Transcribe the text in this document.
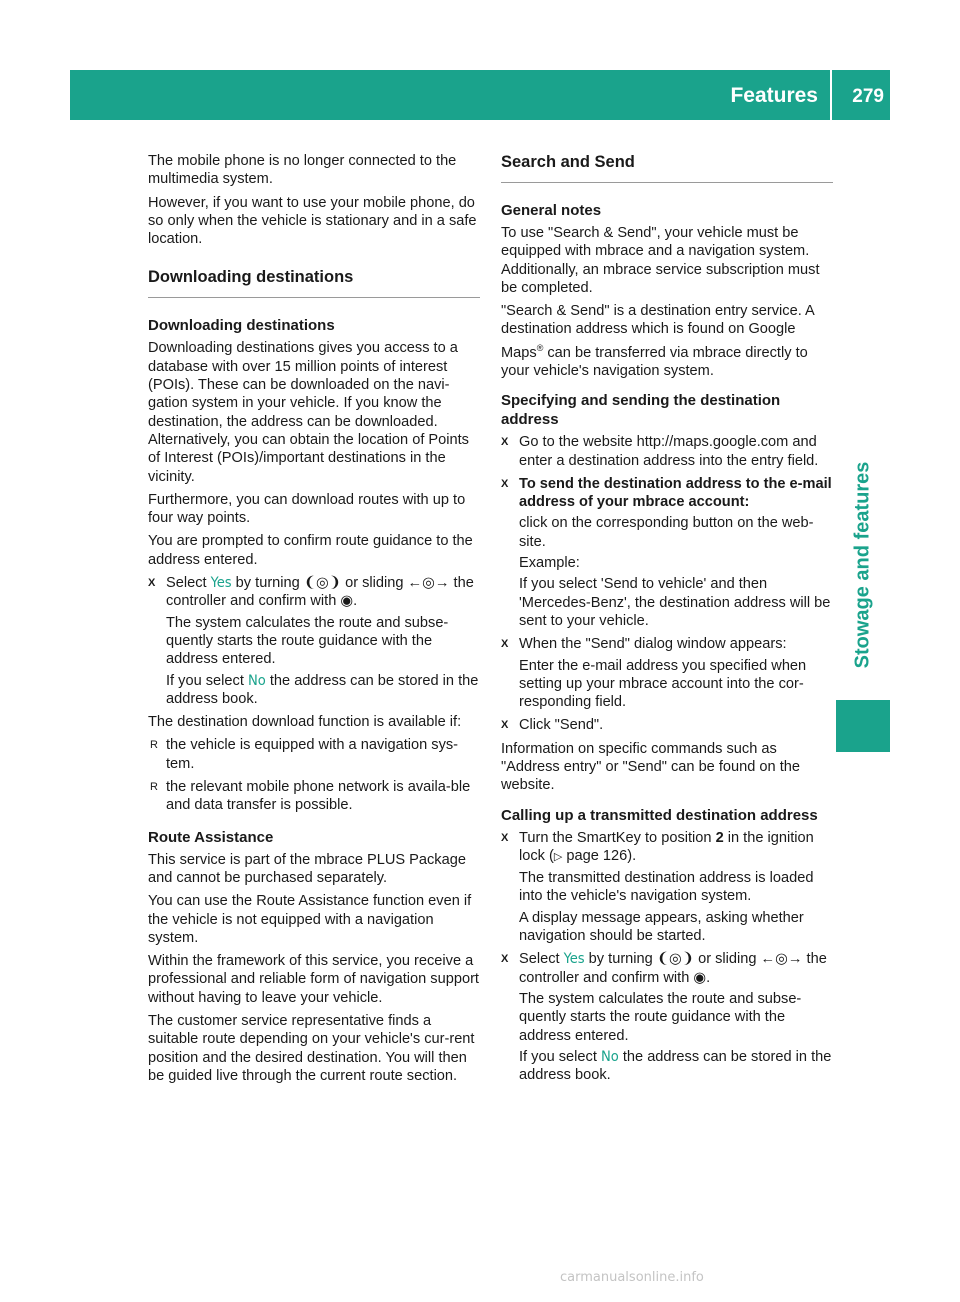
Features 279
Stowage and features

The mobile phone is no longer connected to the multimedia system.

However, if you want to use your mobile phone, do so only when the vehicle is stationary and in a safe location.

Downloading destinations
Downloading destinations

Downloading destinations gives you access to a database with over 15 million points of interest (POIs). These can be downloaded on the navi-gation system in your vehicle. If you know the destination, the address can be downloaded. Alternatively, you can obtain the location of Points of Interest (POIs)/important destinations in the vicinity.

Furthermore, you can download routes with up to four way points.

You are prompted to confirm route guidance to the address entered.

X Select Yes by turning ❨◎❩ or sliding ←◎→ the controller and confirm with ◉.

The system calculates the route and subse-quently starts the route guidance with the address entered.

If you select No the address can be stored in the address book.

The destination download function is available if:

R the vehicle is equipped with a navigation sys-tem.
R the relevant mobile phone network is availa-ble and data transfer is possible.
Route Assistance

This service is part of the mbrace PLUS Package and cannot be purchased separately.

You can use the Route Assistance function even if the vehicle is not equipped with a navigation system.

Within the framework of this service, you receive a professional and reliable form of navigation support without having to leave your vehicle.

The customer service representative finds a suitable route depending on your vehicle's cur-rent position and the desired destination. You will then be guided live through the current route section.

Search and Send
General notes

To use "Search & Send", your vehicle must be equipped with mbrace and a navigation system. Additionally, an mbrace service subscription must be completed.

"Search & Send" is a destination entry service. A destination address which is found on Google Maps® can be transferred via mbrace directly to your vehicle's navigation system.

Specifying and sending the destination address
X Go to the website http://maps.google.com and enter a destination address into the entry field.
X To send the destination address to the e-mail address of your mbrace account:

click on the corresponding button on the web-site.

Example:

If you select 'Send to vehicle' and then 'Mercedes-Benz', the destination address will be sent to your vehicle.

X When the "Send" dialog window appears:

Enter the e-mail address you specified when setting up your mbrace account into the cor-responding field.

X Click "Send".

Information on specific commands such as "Address entry" or "Send" can be found on the website.

Calling up a transmitted destination address
X Turn the SmartKey to position 2 in the ignition lock (▷ page 126).

The transmitted destination address is loaded into the vehicle's navigation system.

A display message appears, asking whether navigation should be started.

X Select Yes by turning ❨◎❩ or sliding ←◎→ the controller and confirm with ◉.

The system calculates the route and subse-quently starts the route guidance with the address entered.

If you select No the address can be stored in the address book.

carmanualsonline.info
